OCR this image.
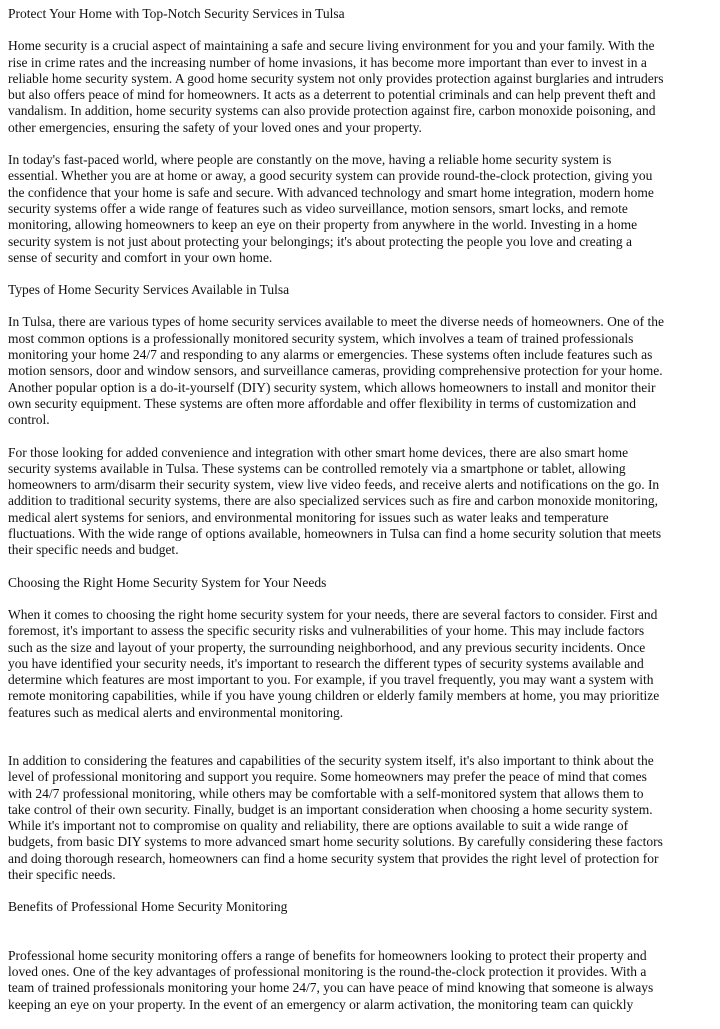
Protect Your Home with Top-Notch Security Services in Tulsa

Home security is a crucial aspect of maintaining a safe and secure living environment for you and your family. With the
rise in crime rates and the increasing number of home invasions, it has become more important than ever to invest in a
reliable home security system. A good home security system not only provides protection against burglaries and intruders
but also offers peace of mind for homeowners. It acts as a deterrent to potential criminals and can help prevent theft and
vandalism. In addition, home security systems can also provide protection against fire, carbon monoxide poisoning, and
other emergencies, ensuring the safety of your loved ones and your property.

In today's fast-paced world, where people are constantly on the move, having a reliable home security system is
essential. Whether you are at home or away, a good security system can provide round-the-clock protection, giving you
the confidence that your home is safe and secure. With advanced technology and smart home integration, modern home
security systems offer a wide range of features such as video surveillance, motion sensors, smart locks, and remote
monitoring, allowing homeowners to keep an eye on their property from anywhere in the world. Investing in a home
security system is not just about protecting your belongings; it's about protecting the people you love and creating a
sense of security and comfort in your own home.

Types of Home Security Services Available in Tulsa

In Tulsa, there are various types of home security services available to meet the diverse needs of homeowners. One of the
most common options is a professionally monitored security system, which involves a team of trained professionals
monitoring your home 24/7 and responding to any alarms or emergencies. These systems often include features such as
motion sensors, door and window sensors, and surveillance cameras, providing comprehensive protection for your home.
Another popular option is a do-it-yourself (DIY) security system, which allows homeowners to install and monitor their
own security equipment. These systems are often more affordable and offer flexibility in terms of customization and
control.

For those looking for added convenience and integration with other smart home devices, there are also smart home
security systems available in Tulsa. These systems can be controlled remotely via a smartphone or tablet, allowing
homeowners to arm/disarm their security system, view live video feeds, and receive alerts and notifications on the go. In
addition to traditional security systems, there are also specialized services such as fire and carbon monoxide monitoring,
medical alert systems for seniors, and environmental monitoring for issues such as water leaks and temperature
fluctuations. With the wide range of options available, homeowners in Tulsa can find a home security solution that meets
their specific needs and budget.

Choosing the Right Home Security System for Your Needs

When it comes to choosing the right home security system for your needs, there are several factors to consider. First and
foremost, it's important to assess the specific security risks and vulnerabilities of your home. This may include factors
such as the size and layout of your property, the surrounding neighborhood, and any previous security incidents. Once
you have identified your security needs, it's important to research the different types of security systems available and
determine which features are most important to you. For example, if you travel frequently, you may want a system with
remote monitoring capabilities, while if you have young children or elderly family members at home, you may prioritize
features such as medical alerts and environmental monitoring.

In addition to considering the features and capabilities of the security system itself, it's also important to think about the
level of professional monitoring and support you require. Some homeowners may prefer the peace of mind that comes
with 24/7 professional monitoring, while others may be comfortable with a self-monitored system that allows them to
take control of their own security. Finally, budget is an important consideration when choosing a home security system.
While it's important not to compromise on quality and reliability, there are options available to suit a wide range of
budgets, from basic DIY systems to more advanced smart home security solutions. By carefully considering these factors
and doing thorough research, homeowners can find a home security system that provides the right level of protection for
their specific needs.

Benefits of Professional Home Security Monitoring

Professional home security monitoring offers a range of benefits for homeowners looking to protect their property and
loved ones. One of the key advantages of professional monitoring is the round-the-clock protection it provides. With a
team of trained professionals monitoring your home 24/7, you can have peace of mind knowing that someone is always
keeping an eye on your property. In the event of an emergency or alarm activation, the monitoring team can quickly
